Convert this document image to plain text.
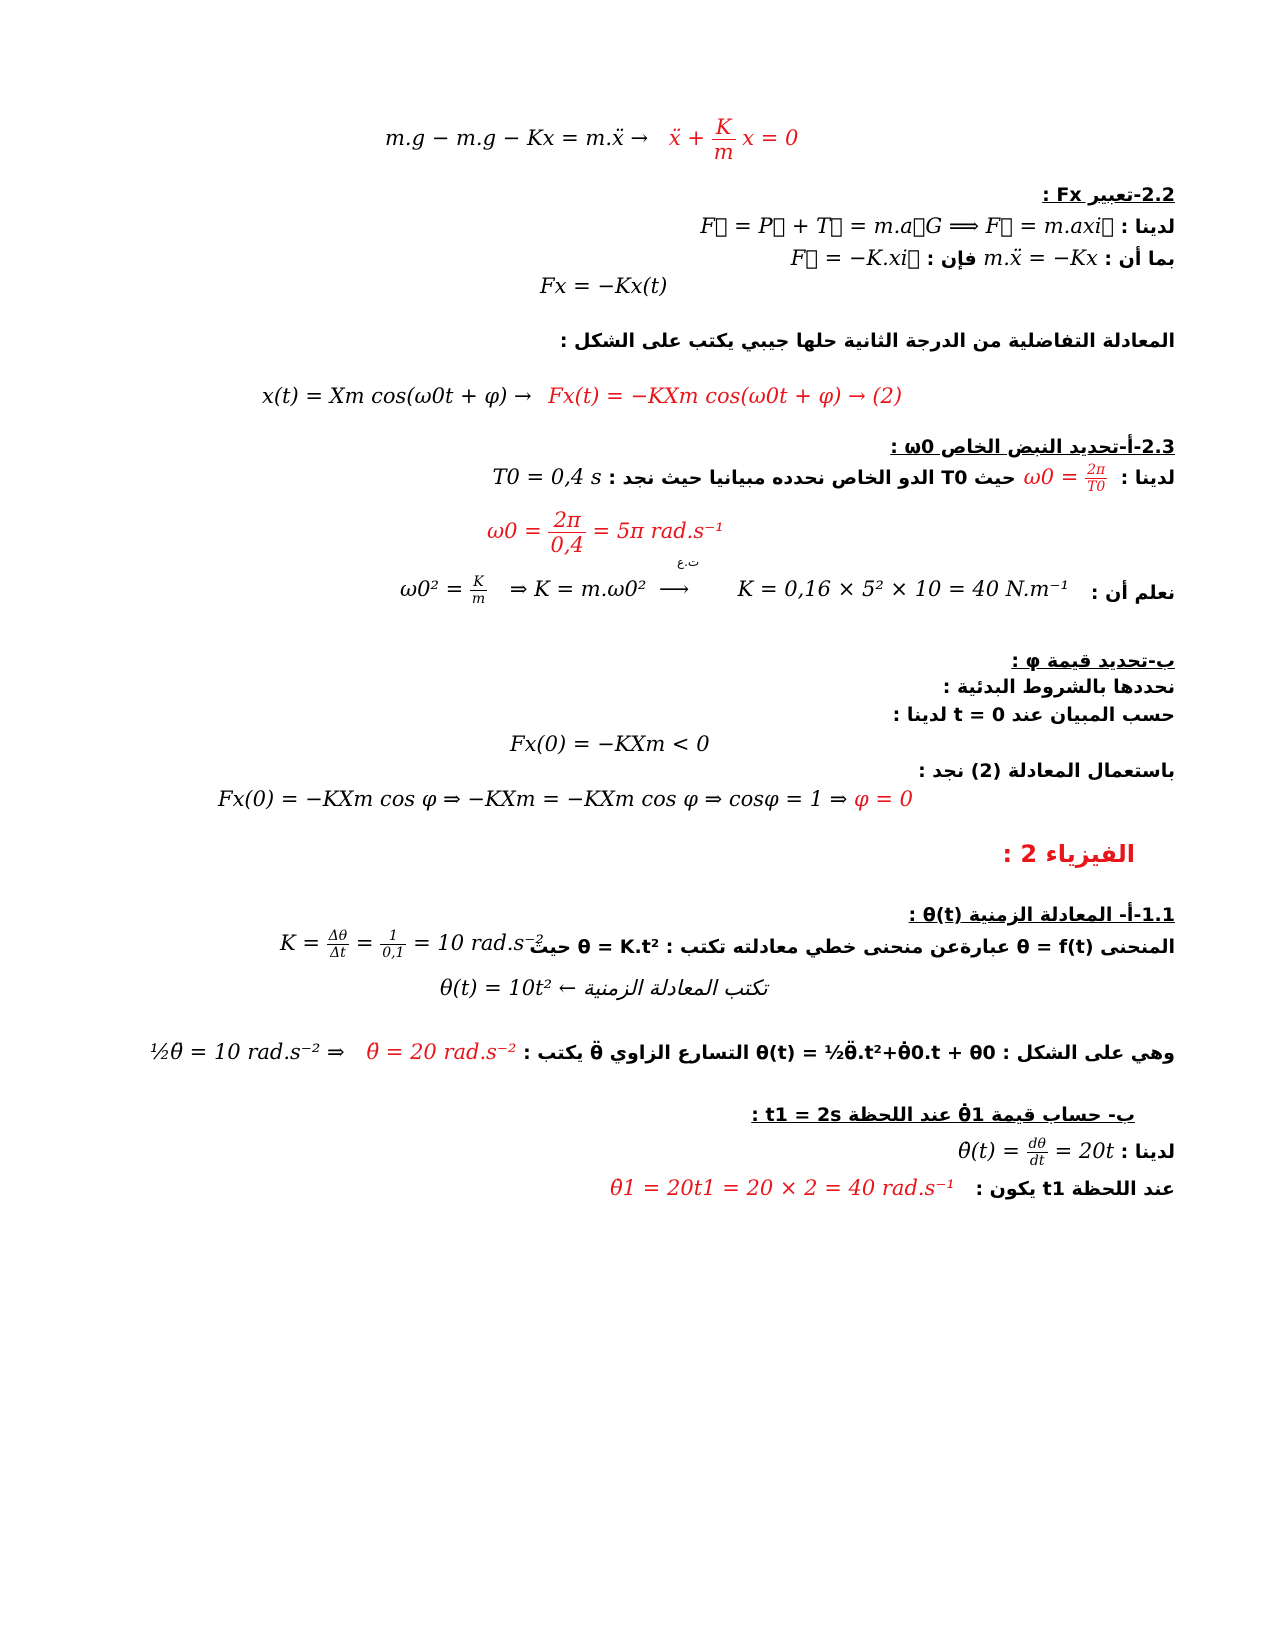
m.g − m.g − Kx = m.ẍ → ẍ + $\frac{K}{m}$ x = 0
2.2-تعبير Fx :
لدينا : F⃗ = P⃗ + T⃗ = m.a⃗G ⟹ F⃗ = m.axi⃗
بما أن : m.ẍ = −Kx فإن : F⃗ = −K.xi⃗
Fx = −Kx(t)
المعادلة التفاضلية من الدرجة الثانية حلها جيبي يكتب على الشكل :
x(t) = Xm cos(ω0t + φ) → Fx(t) = −KXm cos(ω0t + φ) → (2)
2.3-أ-تحديد النبض الخاص ω0 :
لدينا : $\omega 0 = \frac{2\pi}{T0}$
حيث T0 الدو الخاص نحدده مبيانيا حيث نجد : T0 = 0,4 s
$\omega 0 = \frac{2\pi}{0,4} = 5\pi$ rad.s⁻¹
نعلم أن :
$\omega 0^2 = \frac{K}{m}$ ⇒ K = m.ω0²
ت.ع
⟶ K = 0,16 × 5² × 10 = 40 N.m⁻¹
ب-تحديد قيمة φ :
نحددها بالشروط البدئية :
حسب المبيان عند t = 0 لدينا :
Fx(0) = −KXm < 0
باستعمال المعادلة (2) نجد :
Fx(0) = −KXm cos φ ⇒ −KXm = −KXm cos φ ⇒ cosφ = 1 ⇒ φ = 0
الفيزياء 2 :
1.1-أ- المعادلة الزمنية θ(t) :
المنحنى θ = f(t) عبارةعن منحنى خطي معادلته تكتب : θ = K.t² حيث
$K = \frac{\Delta\theta}{\Delta t} = \frac{1}{0,1} = 10$ rad.s⁻²
θ(t) = 10t² ← تكتب المعادلة الزمنية
وهي على الشكل : θ(t) = ½θ̈.t²+θ̇0.t + θ0 التسارع الزاوي θ̈ يكتب : θ̈ = 20 rad.s⁻²
½θ̈ = 10 rad.s⁻² ⇒
ب- حساب قيمة θ̇1 عند اللحظة t1 = 2s :
لدينا : θ̇(t) = $\frac{d\theta}{dt} = 20t$
عند اللحظة t1 يكون : θ̇1 = 20t1 = 20 × 2 = 40 rad.s⁻¹
